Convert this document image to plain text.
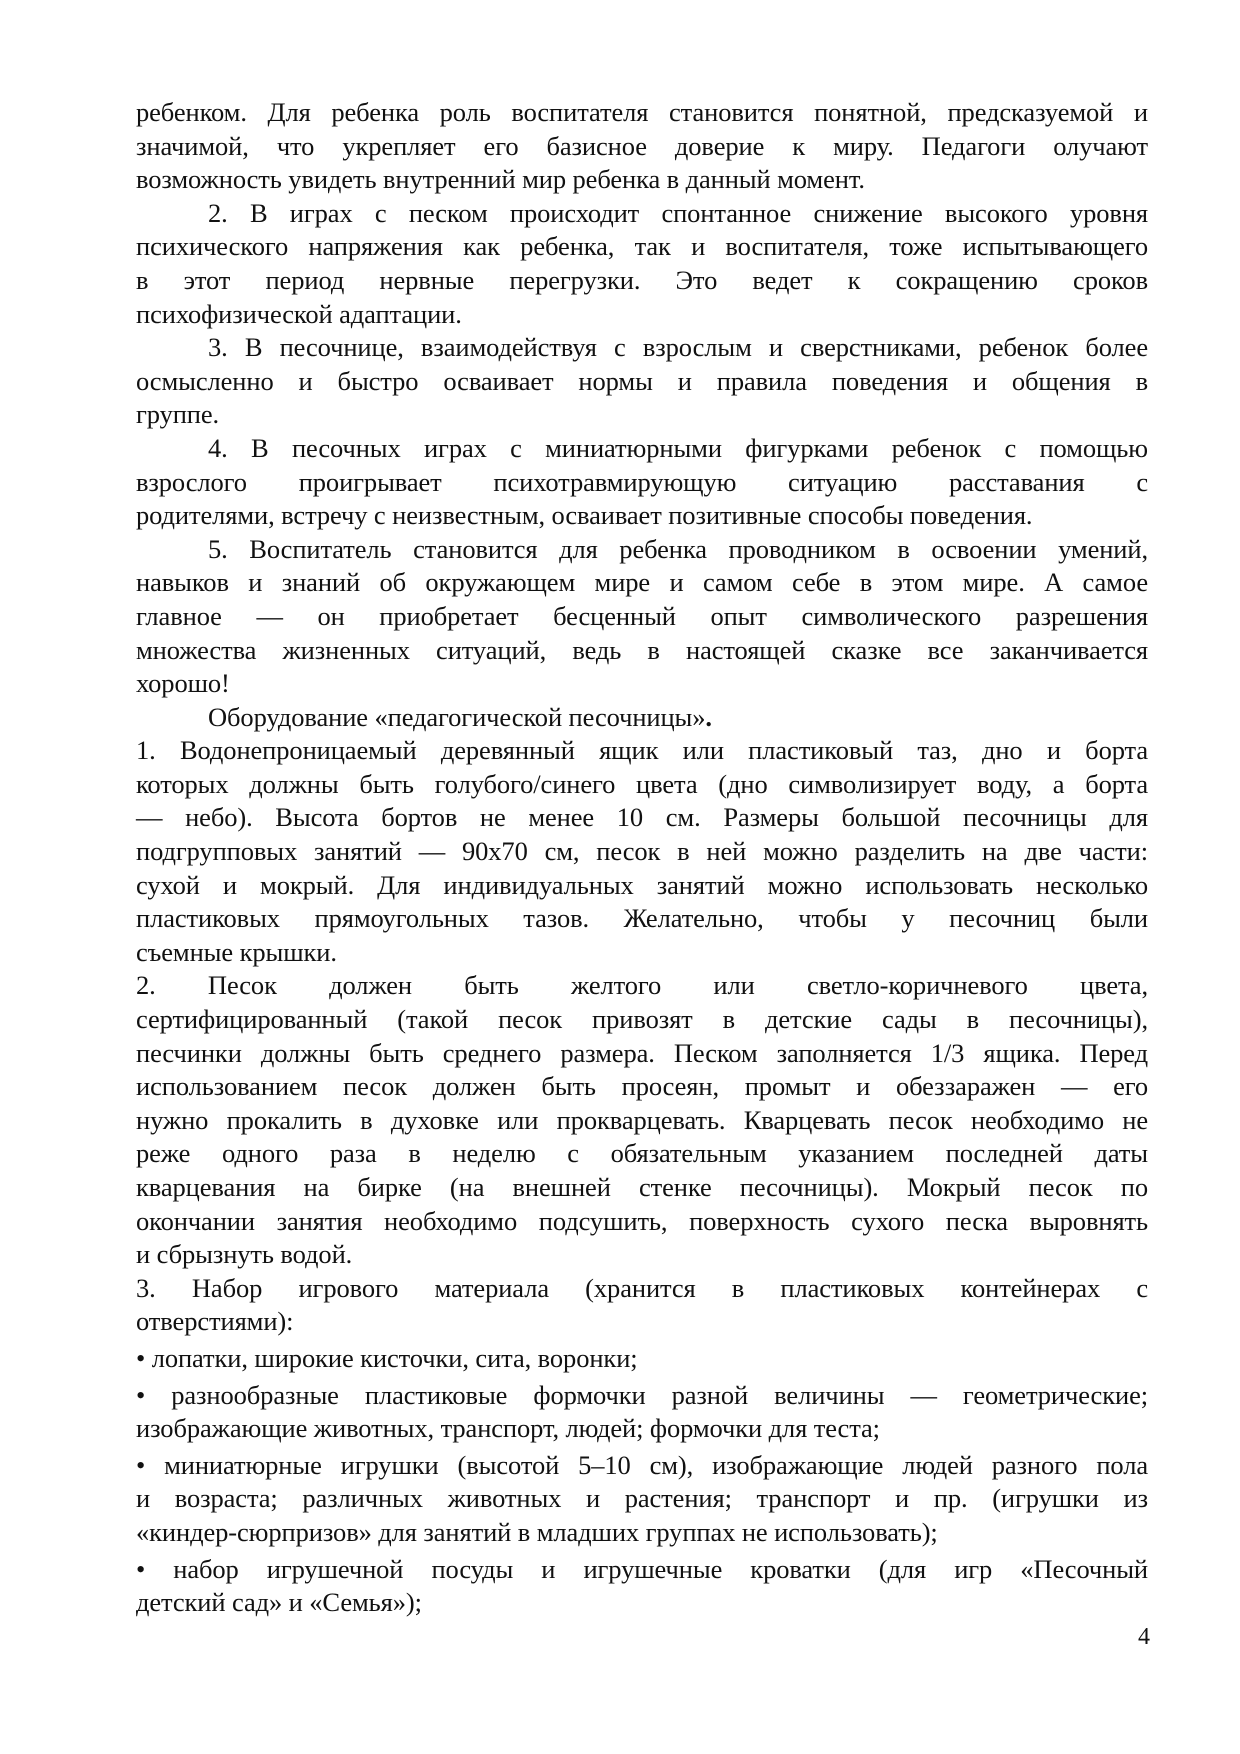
ребенком. Для ребенка роль воспитателя становится понятной, предсказуемой и
значимой, что укрепляет его базисное доверие к миру. Педагоги олучают
возможность увидеть внутренний мир ребенка в данный момент.
2. В играх с песком происходит спонтанное снижение высокого уровня
психического напряжения как ребенка, так и воспитателя, тоже испытывающего
в этот период нервные перегрузки. Это ведет к сокращению сроков
психофизической адаптации.
3. В песочнице, взаимодействуя с взрослым и сверстниками, ребенок более
осмысленно и быстро осваивает нормы и правила поведения и общения в
группе.
4. В песочных играх с миниатюрными фигурками ребенок с помощью
взрослого проигрывает психотравмирующую ситуацию расставания с
родителями, встречу с неизвестным, осваивает позитивные способы поведения.
5. Воспитатель становится для ребенка проводником в освоении умений,
навыков и знаний об окружающем мире и самом себе в этом мире. А самое
главное — он приобретает бесценный опыт символического разрешения
множества жизненных ситуаций, ведь в настоящей сказке все заканчивается
хорошо!
Оборудование «педагогической песочницы».
1. Водонепроницаемый деревянный ящик или пластиковый таз, дно и борта
которых должны быть голубого/синего цвета (дно символизирует воду, а борта
— небо). Высота бортов не менее 10 см. Размеры большой песочницы для
подгрупповых занятий — 90х70 см, песок в ней можно разделить на две части:
сухой и мокрый. Для индивидуальных занятий можно использовать несколько
пластиковых прямоугольных тазов. Желательно, чтобы у песочниц были
съемные крышки.
2. Песок должен быть желтого или светло-коричневого цвета,
сертифицированный (такой песок привозят в детские сады в песочницы),
песчинки должны быть среднего размера. Песком заполняется 1/3 ящика. Перед
использованием песок должен быть просеян, промыт и обеззаражен — его
нужно прокалить в духовке или прокварцевать. Кварцевать песок необходимо не
реже одного раза в неделю с обязательным указанием последней даты
кварцевания на бирке (на внешней стенке песочницы). Мокрый песок по
окончании занятия необходимо подсушить, поверхность сухого песка выровнять
и сбрызнуть водой.
3. Набор игрового материала (хранится в пластиковых контейнерах с
отверстиями):
• лопатки, широкие кисточки, сита, воронки;
• разнообразные пластиковые формочки разной величины — геометрические;
изображающие животных, транспорт, людей; формочки для теста;
• миниатюрные игрушки (высотой 5–10 см), изображающие людей разного пола
и возраста; различных животных и растения; транспорт и пр. (игрушки из
«киндер-сюрпризов» для занятий в младших группах не использовать);
• набор игрушечной посуды и игрушечные кроватки (для игр «Песочный
детский сад» и «Семья»);
4
